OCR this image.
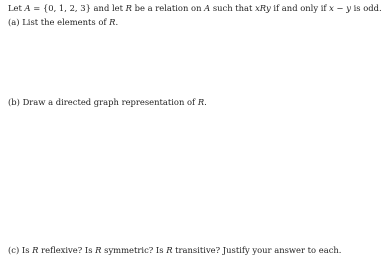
Let A = {0, 1, 2, 3} and let R be a relation on A such that xRy if and only if x − y is odd.
(a) List the elements of R.
(b) Draw a directed graph representation of R.
(c) Is R reflexive? Is R symmetric? Is R transitive? Justify your answer to each.
